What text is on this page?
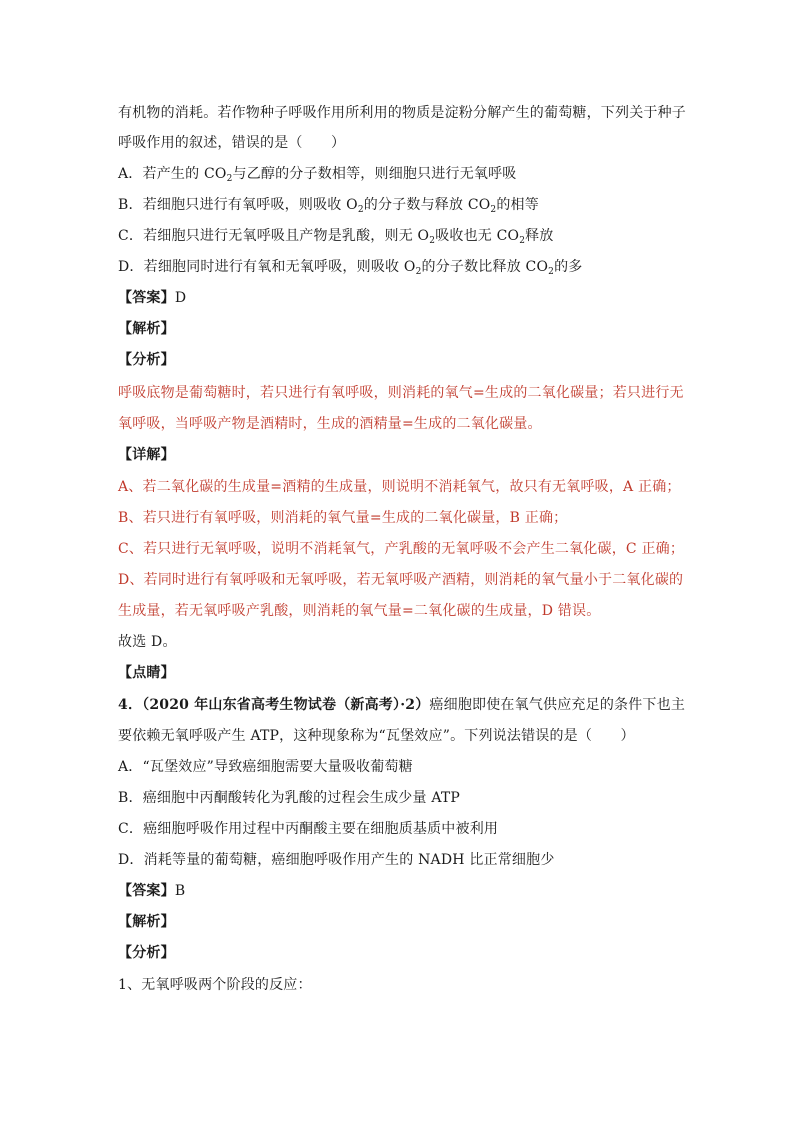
有机物的消耗。若作物种子呼吸作用所利用的物质是淀粉分解产生的葡萄糖，下列关于种子
呼吸作用的叙述，错误的是（　　）
A．若产生的 $CO_2$与乙醇的分子数相等，则细胞只进行无氧呼吸
B．若细胞只进行有氧呼吸，则吸收 $O_2$的分子数与释放 $CO_2$的相等
C．若细胞只进行无氧呼吸且产物是乳酸，则无 $O_2$吸收也无 $CO_2$释放
D．若细胞同时进行有氧和无氧呼吸，则吸收 $O_2$的分子数比释放 $CO_2$的多
【答案】D
【解析】
【分析】
呼吸底物是葡萄糖时，若只进行有氧呼吸，则消耗的氧气=生成的二氧化碳量；若只进行无
氧呼吸，当呼吸产物是酒精时，生成的酒精量=生成的二氧化碳量。
【详解】
A、若二氧化碳的生成量=酒精的生成量，则说明不消耗氧气，故只有无氧呼吸，A 正确；
B、若只进行有氧呼吸，则消耗的氧气量=生成的二氧化碳量，B 正确；
C、若只进行无氧呼吸，说明不消耗氧气，产乳酸的无氧呼吸不会产生二氧化碳，C 正确；
D、若同时进行有氧呼吸和无氧呼吸，若无氧呼吸产酒精，则消耗的氧气量小于二氧化碳的
生成量，若无氧呼吸产乳酸，则消耗的氧气量=二氧化碳的生成量，D 错误。
故选 D。
【点睛】
4．（2020 年山东省高考生物试卷（新高考）·2）癌细胞即使在氧气供应充足的条件下也主
要依赖无氧呼吸产生 ATP，这种现象称为“瓦堡效应”。下列说法错误的是（　　）
A．“瓦堡效应”导致癌细胞需要大量吸收葡萄糖
B．癌细胞中丙酮酸转化为乳酸的过程会生成少量 ATP
C．癌细胞呼吸作用过程中丙酮酸主要在细胞质基质中被利用
D．消耗等量的葡萄糖，癌细胞呼吸作用产生的 NADH 比正常细胞少
【答案】B
【解析】
【分析】
1、无氧呼吸两个阶段的反应：
